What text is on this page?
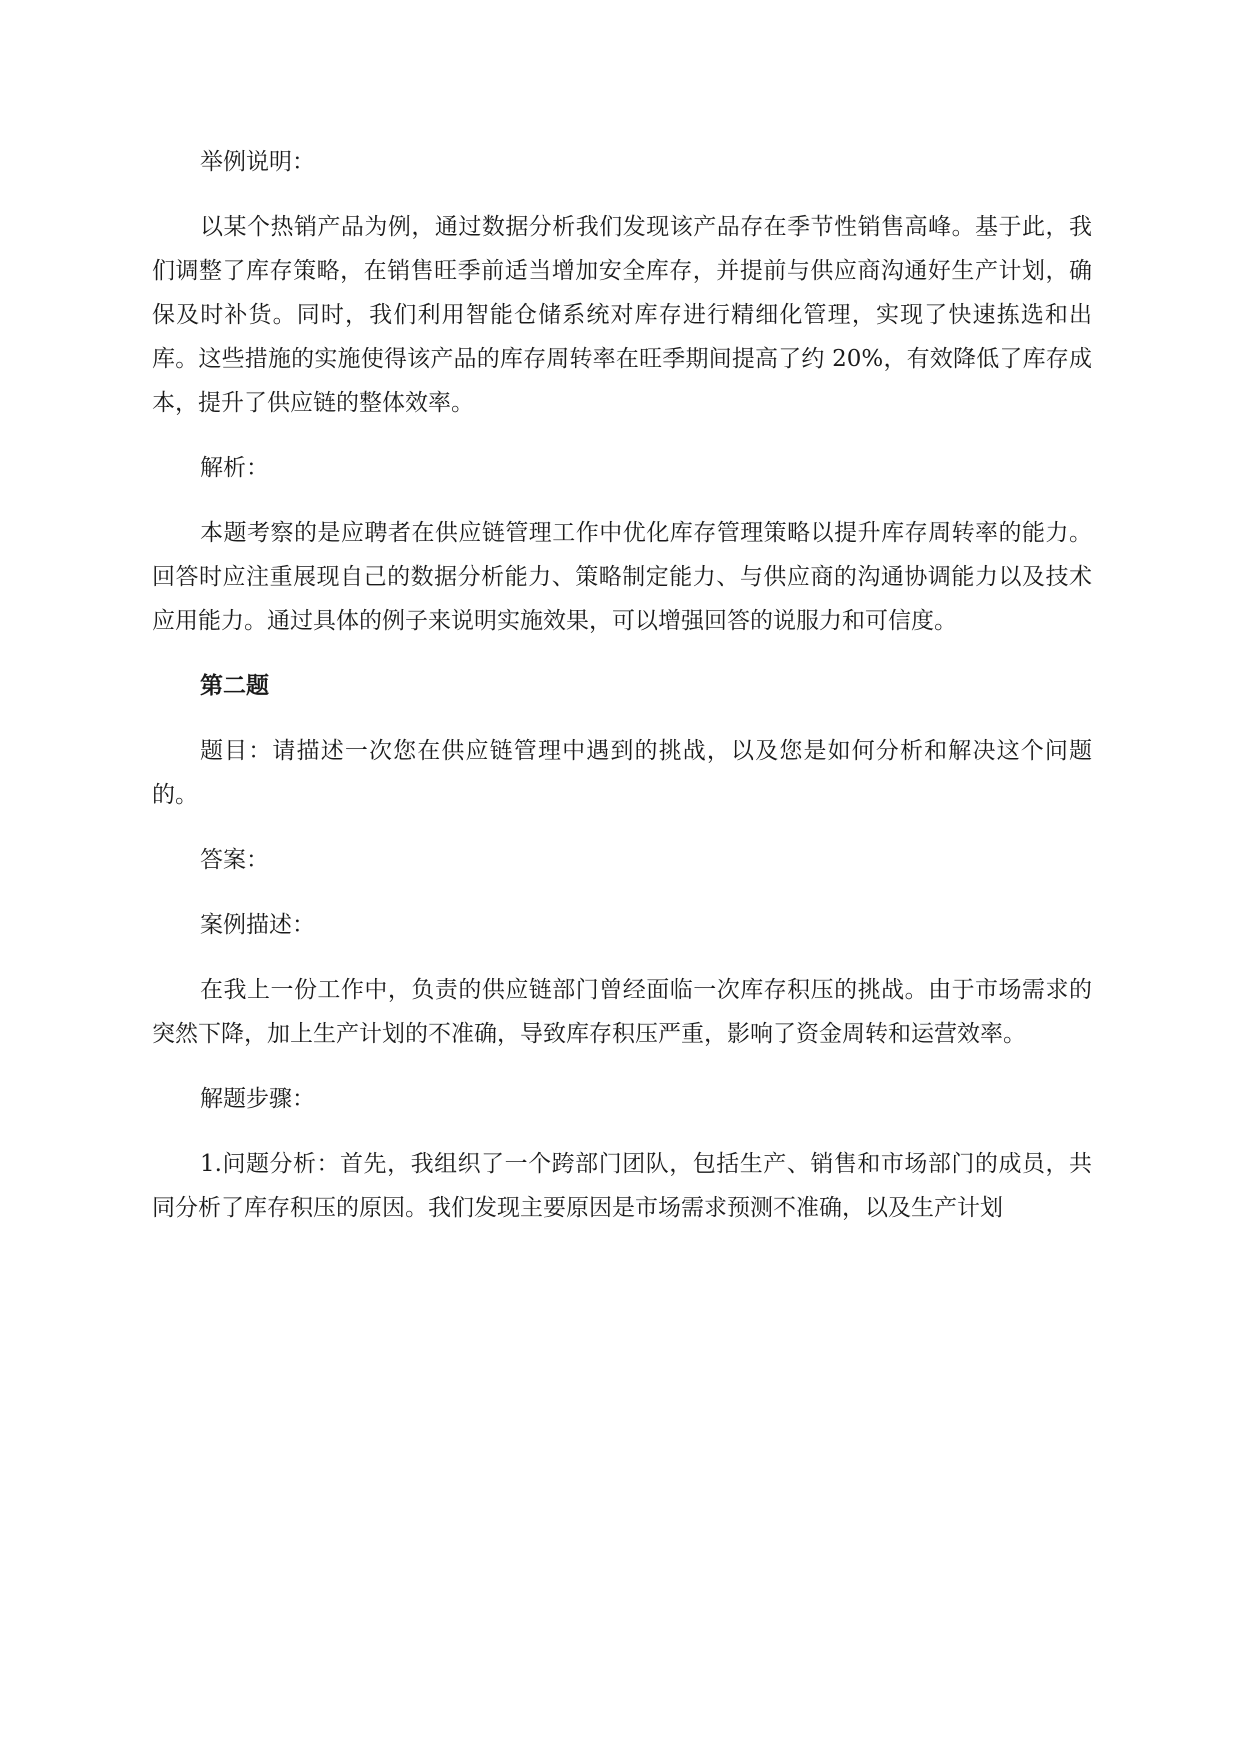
举例说明：

以某个热销产品为例，通过数据分析我们发现该产品存在季节性销售高峰。基于此，我们调整了库存策略，在销售旺季前适当增加安全库存，并提前与供应商沟通好生产计划，确保及时补货。同时，我们利用智能仓储系统对库存进行精细化管理，实现了快速拣选和出库。这些措施的实施使得该产品的库存周转率在旺季期间提高了约 20%，有效降低了库存成本，提升了供应链的整体效率。

解析：

本题考察的是应聘者在供应链管理工作中优化库存管理策略以提升库存周转率的能力。回答时应注重展现自己的数据分析能力、策略制定能力、与供应商的沟通协调能力以及技术应用能力。通过具体的例子来说明实施效果，可以增强回答的说服力和可信度。

第二题

题目：请描述一次您在供应链管理中遇到的挑战，以及您是如何分析和解决这个问题的。

答案：

案例描述：

在我上一份工作中，负责的供应链部门曾经面临一次库存积压的挑战。由于市场需求的突然下降，加上生产计划的不准确，导致库存积压严重，影响了资金周转和运营效率。

解题步骤：

1.问题分析：首先，我组织了一个跨部门团队，包括生产、销售和市场部门的成员，共同分析了库存积压的原因。我们发现主要原因是市场需求预测不准确，以及生产计划
